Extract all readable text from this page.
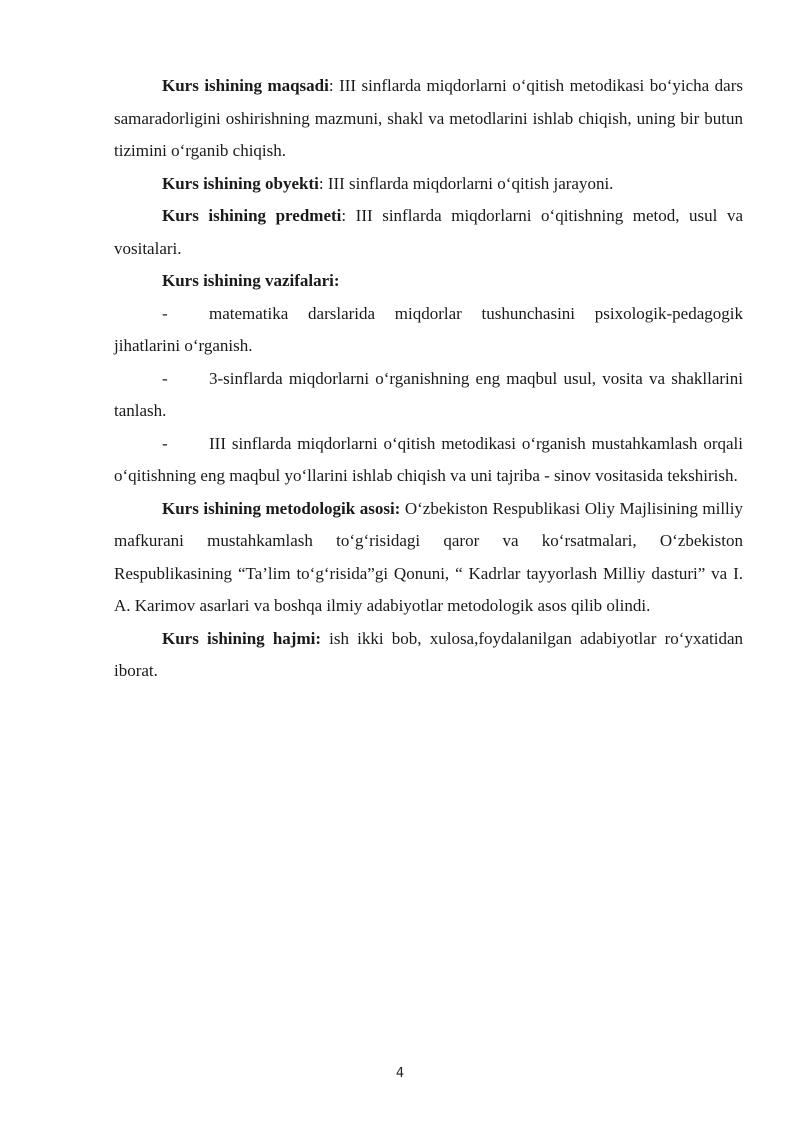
Kurs ishining maqsadi: III sinflarda miqdorlarni o‘qitish metodikasi bo‘yicha dars samaradorligini oshirishning mazmuni, shakl va metodlarini ishlab chiqish, uning bir butun tizimini o‘rganib chiqish.

Kurs ishining obyekti: III sinflarda miqdorlarni o‘qitish jarayoni.

Kurs ishining predmeti: III sinflarda miqdorlarni o‘qitishning metod, usul va vositalari.

Kurs ishining vazifalari:

- matematika darslarida miqdorlar tushunchasini psixologik-pedagogik jihatlarini o‘rganish.

- 3-sinflarda miqdorlarni o‘rganishning eng maqbul usul, vosita va shakllarini tanlash.

- III sinflarda miqdorlarni o‘qitish metodikasi o‘rganish mustahkamlash orqali o‘qitishning eng maqbul yo‘llarini ishlab chiqish va uni tajriba - sinov vositasida tekshirish.

Kurs ishining metodologik asosi: O‘zbekiston Respublikasi Oliy Majlisining milliy mafkurani mustahkamlash to‘g‘risidagi qaror va ko‘rsatmalari, O‘zbekiston Respublikasining “Ta’lim to‘g‘risida”gi Qonuni, “ Kadrlar tayyorlash Milliy dasturi” va I. A. Karimov asarlari va boshqa ilmiy adabiyotlar metodologik asos qilib olindi.

Kurs ishining hajmi: ish ikki bob, xulosa,foydalanilgan adabiyotlar ro‘yxatidan iborat.

4
